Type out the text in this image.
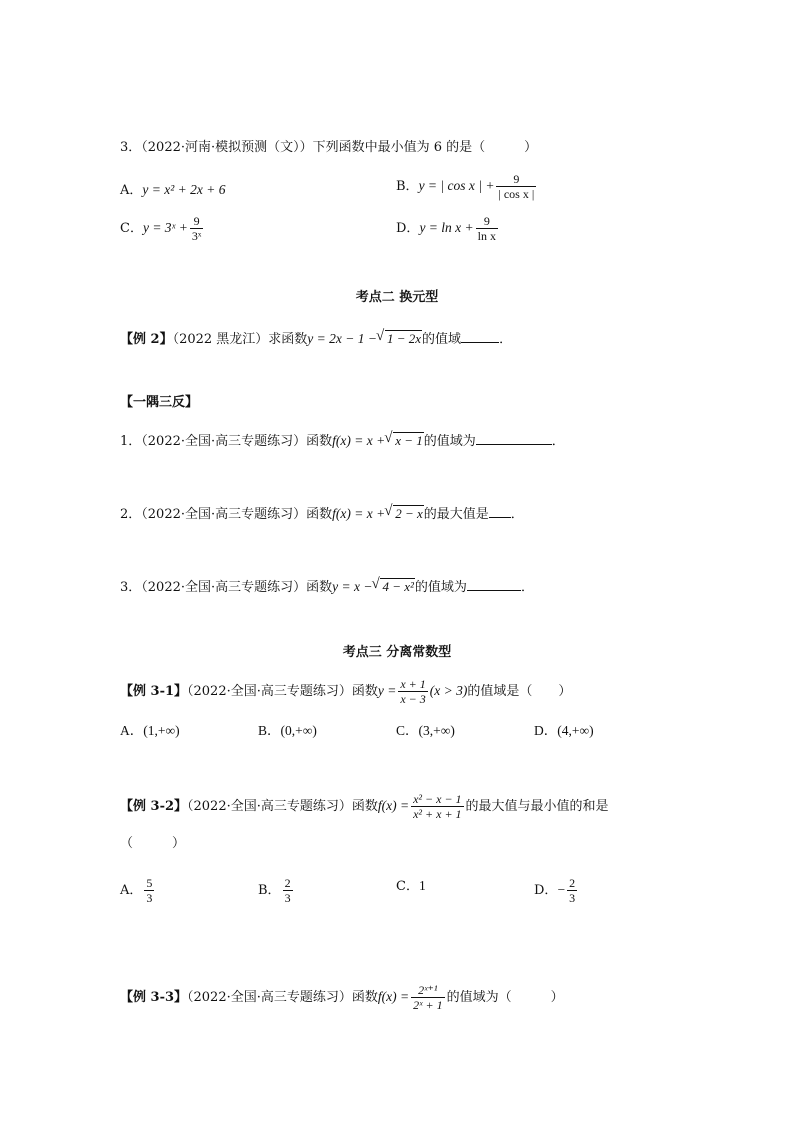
3．（2022·河南·模拟预测（文））下列函数中最小值为 6 的是（　　　）
A．y = x² + 2x + 6	B．y = | cos x | + $\frac{9}{\text{| cos x |}}$
C．y = 3ˣ + $\frac{9}{\text{3ˣ}}$	D．$y = \ln x + \frac{9}{\text{ln x}}$
考点二 换元型
【例 2】（2022 黑龙江）求函数y = 2x − 1 − √ 1 − 2x的值域	．
【一隅三反】
1．（2022·全国·高三专题练习）函数f(x) = x + √ x − 1的值域为	．
2．（2022·全国·高三专题练习）函数f(x) = x + √ 2 − x的最大值是 ．
3．（2022·全国·高三专题练习）函数y = x − √ 4 − x²的值域为	．
考点三 分离常数型
【例 3-1】（2022·全国·高三专题练习）函数$y = \frac{x + 1}{x - 3} (x > 3)$的值域是（　　）
A．(1,+∞)	B．(0,+∞)	C．(3,+∞)	D．(4,+∞)
【例 3-2】（2022·全国·高三专题练习）函数$f(x) = \frac{\text{x² − x − 1}}{\text{x² + x + 1}}$ 的最大值与最小值的和是
（　　　）
A． $\frac{5}{3}$	B． $\frac{2}{3}$	C．1	D．− $\frac{2}{3}$
【例 3-3】（2022·全国·高三专题练习）函数$f(x) = \frac{\text{2ˣ⁺¹}}{\text{2ˣ + 1}}$ 的值域为（　　　）
